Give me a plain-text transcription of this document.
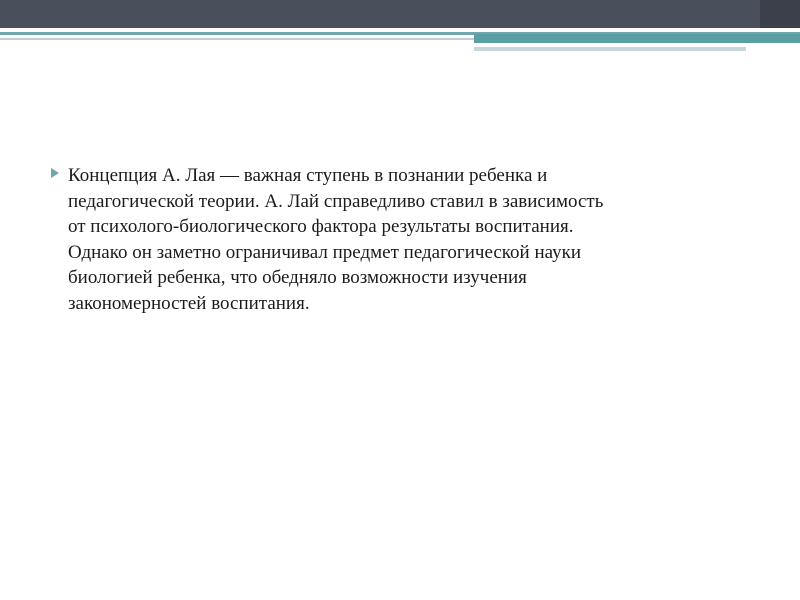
Концепция А. Лая — важная ступень в познании ребенка и
педагогической теории. А. Лай справедливо ставил в зависимость
от психолого-биологического фактора результаты воспитания.
Однако он заметно ограничивал предмет педагогической науки
биологией ребенка, что обедняло возможности изучения
закономерностей воспитания.
